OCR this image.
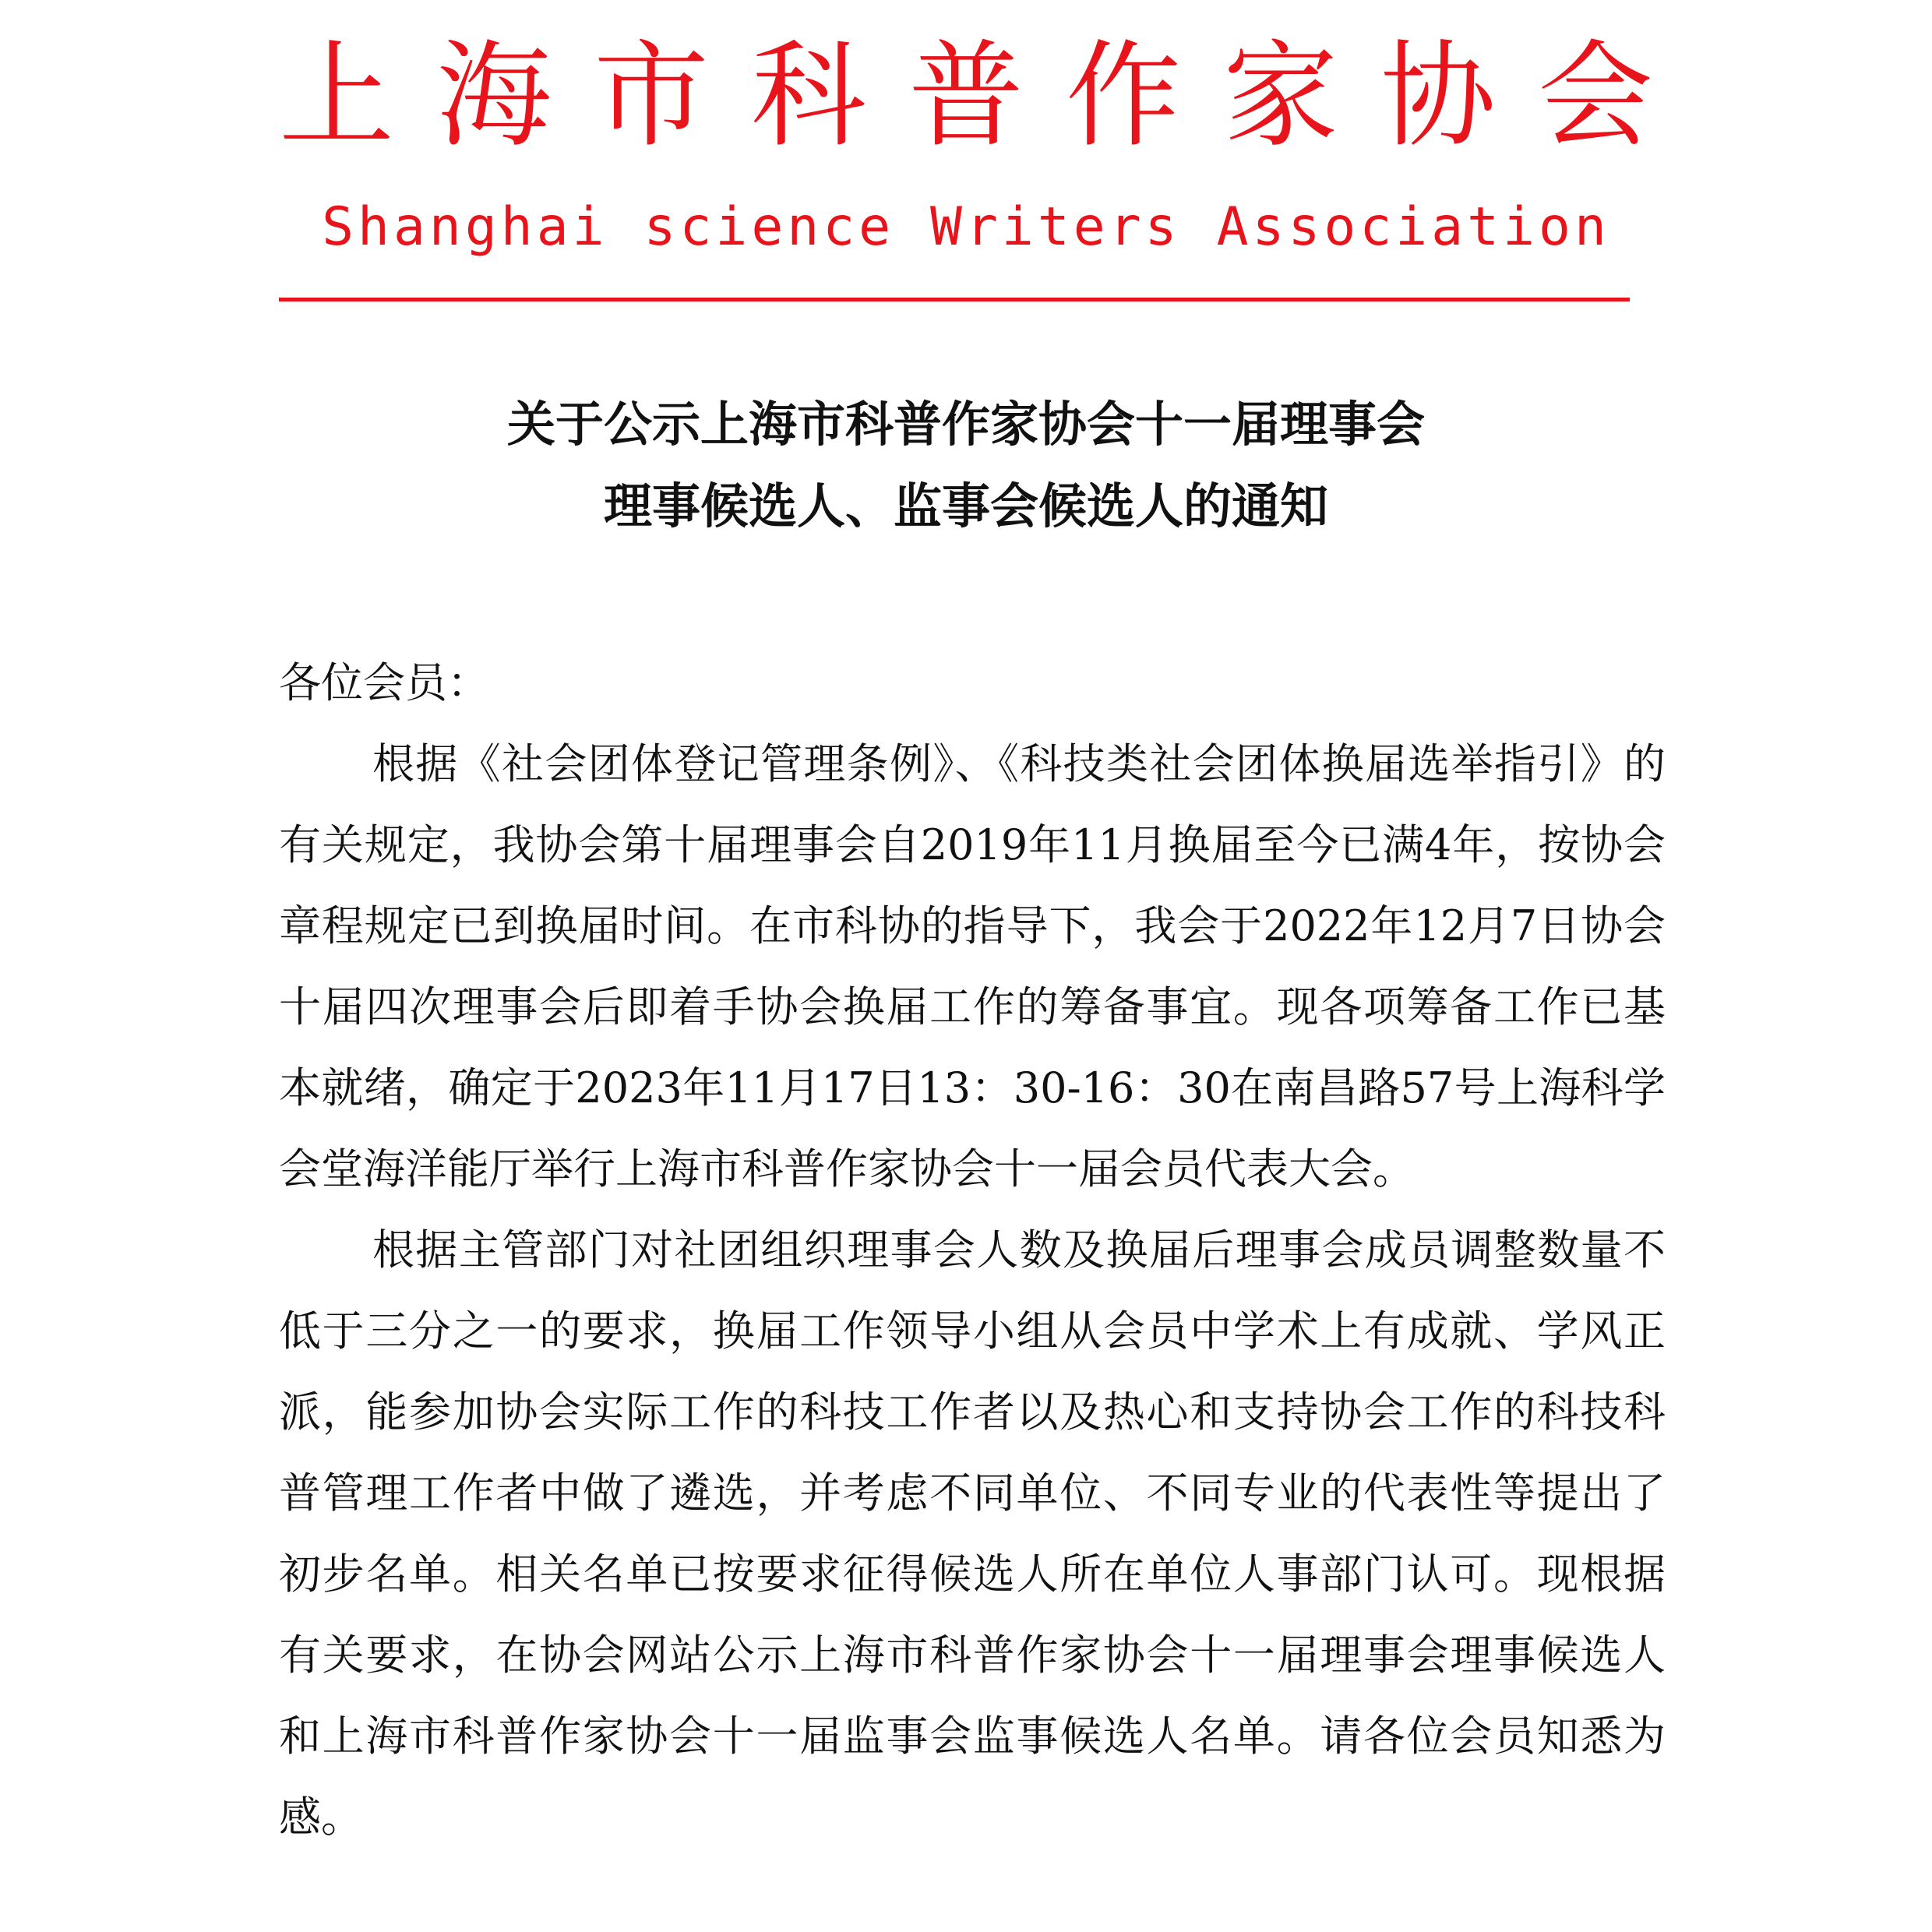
上海市科普作家协会
Shanghai science Writers Association
关于公示上海市科普作家协会十一届理事会
理事候选人、监事会候选人的通知

各位会员：

根据《社会团体登记管理条例》、《科技类社会团体换届选举指引》的有关规定，我协会第十届理事会自2019年11月换届至今已满4年，按协会章程规定已到换届时间。在市科协的指导下，我会于2022年12月7日协会十届四次理事会后即着手协会换届工作的筹备事宜。现各项筹备工作已基本就绪，确定于2023年11月17日13：30-16：30在南昌路57号上海科学会堂海洋能厅举行上海市科普作家协会十一届会员代表大会。

根据主管部门对社团组织理事会人数及换届后理事会成员调整数量不低于三分之一的要求，换届工作领导小组从会员中学术上有成就、学风正派，能参加协会实际工作的科技工作者以及热心和支持协会工作的科技科普管理工作者中做了遴选，并考虑不同单位、不同专业的代表性等提出了初步名单。相关名单已按要求征得候选人所在单位人事部门认可。现根据有关要求，在协会网站公示上海市科普作家协会十一届理事会理事候选人和上海市科普作家协会十一届监事会监事候选人名单。请各位会员知悉为感。
